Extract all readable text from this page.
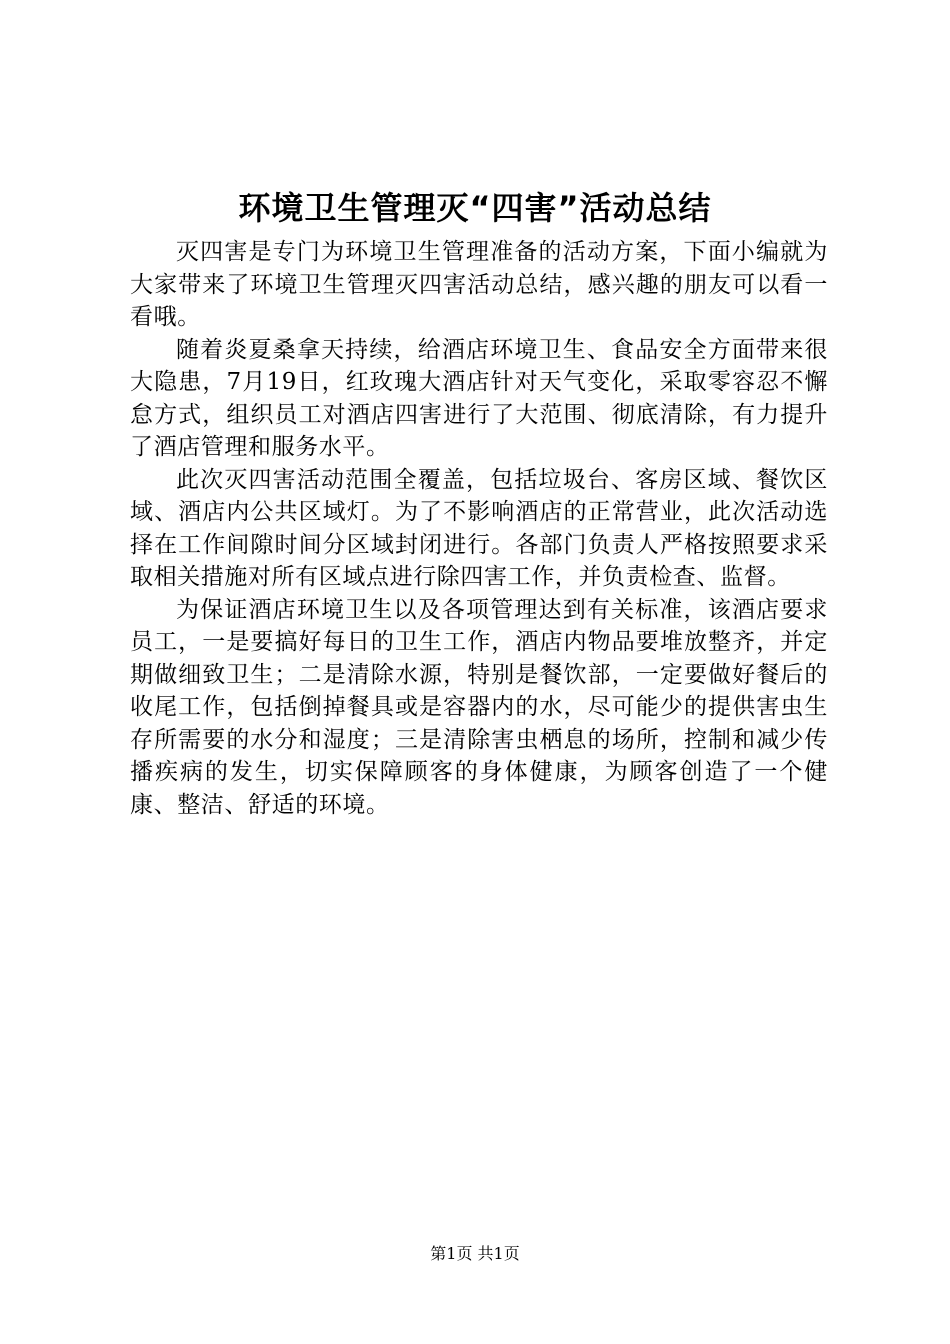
环境卫生管理灭“四害”活动总结

灭四害是专门为环境卫生管理准备的活动方案，下面小编就为大家带来了环境卫生管理灭四害活动总结，感兴趣的朋友可以看一看哦。

随着炎夏桑拿天持续，给酒店环境卫生、食品安全方面带来很大隐患，7月19日，红玫瑰大酒店针对天气变化，采取零容忍不懈怠方式，组织员工对酒店四害进行了大范围、彻底清除，有力提升了酒店管理和服务水平。

此次灭四害活动范围全覆盖，包括垃圾台、客房区域、餐饮区域、酒店内公共区域灯。为了不影响酒店的正常营业，此次活动选择在工作间隙时间分区域封闭进行。各部门负责人严格按照要求采取相关措施对所有区域点进行除四害工作，并负责检查、监督。

为保证酒店环境卫生以及各项管理达到有关标准，该酒店要求员工，一是要搞好每日的卫生工作，酒店内物品要堆放整齐，并定期做细致卫生；二是清除水源，特别是餐饮部，一定要做好餐后的收尾工作，包括倒掉餐具或是容器内的水，尽可能少的提供害虫生存所需要的水分和湿度；三是清除害虫栖息的场所，控制和减少传播疾病的发生，切实保障顾客的身体健康，为顾客创造了一个健康、整洁、舒适的环境。

第1页 共1页
